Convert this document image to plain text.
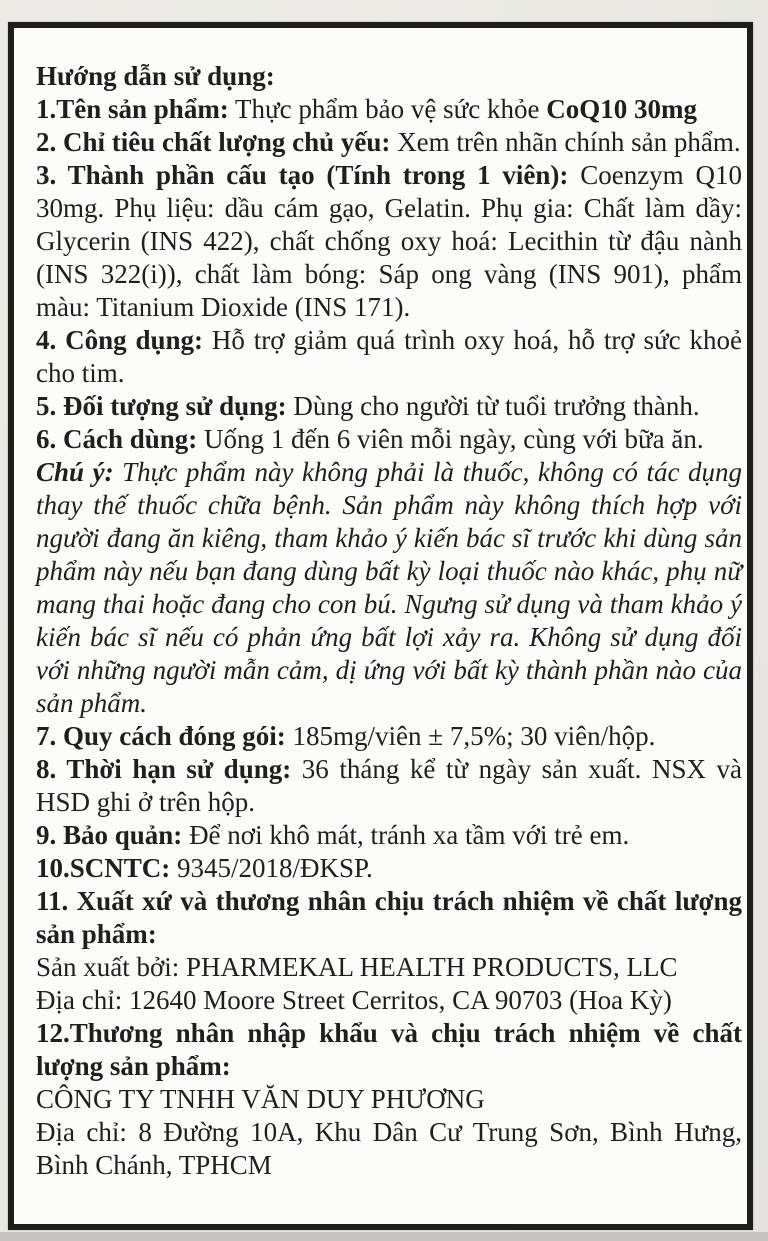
Hướng dẫn sử dụng:

1.Tên sản phẩm: Thực phẩm bảo vệ sức khỏe CoQ10 30mg

2. Chỉ tiêu chất lượng chủ yếu: Xem trên nhãn chính sản phẩm.

3. Thành phần cấu tạo (Tính trong 1 viên): Coenzym Q10 30mg. Phụ liệu: dầu cám gạo, Gelatin. Phụ gia: Chất làm dầy: Glycerin (INS 422), chất chống oxy hoá: Lecithin từ đậu nành (INS 322(i)), chất làm bóng: Sáp ong vàng (INS 901), phẩm màu: Titanium Dioxide (INS 171).

4. Công dụng: Hỗ trợ giảm quá trình oxy hoá, hỗ trợ sức khoẻ cho tim.

5. Đối tượng sử dụng: Dùng cho người từ tuổi trưởng thành.

6. Cách dùng: Uống 1 đến 6 viên mỗi ngày, cùng với bữa ăn.

Chú ý: Thực phẩm này không phải là thuốc, không có tác dụng thay thế thuốc chữa bệnh. Sản phẩm này không thích hợp với người đang ăn kiêng, tham khảo ý kiến bác sĩ trước khi dùng sản phẩm này nếu bạn đang dùng bất kỳ loại thuốc nào khác, phụ nữ mang thai hoặc đang cho con bú. Ngưng sử dụng và tham khảo ý kiến bác sĩ nếu có phản ứng bất lợi xảy ra. Không sử dụng đối với những người mẫn cảm, dị ứng với bất kỳ thành phần nào của sản phẩm.

7. Quy cách đóng gói: 185mg/viên ± 7,5%; 30 viên/hộp.

8. Thời hạn sử dụng: 36 tháng kể từ ngày sản xuất. NSX và HSD ghi ở trên hộp.

9. Bảo quản: Để nơi khô mát, tránh xa tầm với trẻ em.

10.SCNTC: 9345/2018/ĐKSP.

11. Xuất xứ và thương nhân chịu trách nhiệm về chất lượng sản phẩm:

Sản xuất bởi: PHARMEKAL HEALTH PRODUCTS, LLC

Địa chỉ: 12640 Moore Street Cerritos, CA 90703 (Hoa Kỳ)

12.Thương nhân nhập khẩu và chịu trách nhiệm về chất lượng sản phẩm:

CÔNG TY TNHH VĂN DUY PHƯƠNG

Địa chỉ: 8 Đường 10A, Khu Dân Cư Trung Sơn, Bình Hưng, Bình Chánh, TPHCM
